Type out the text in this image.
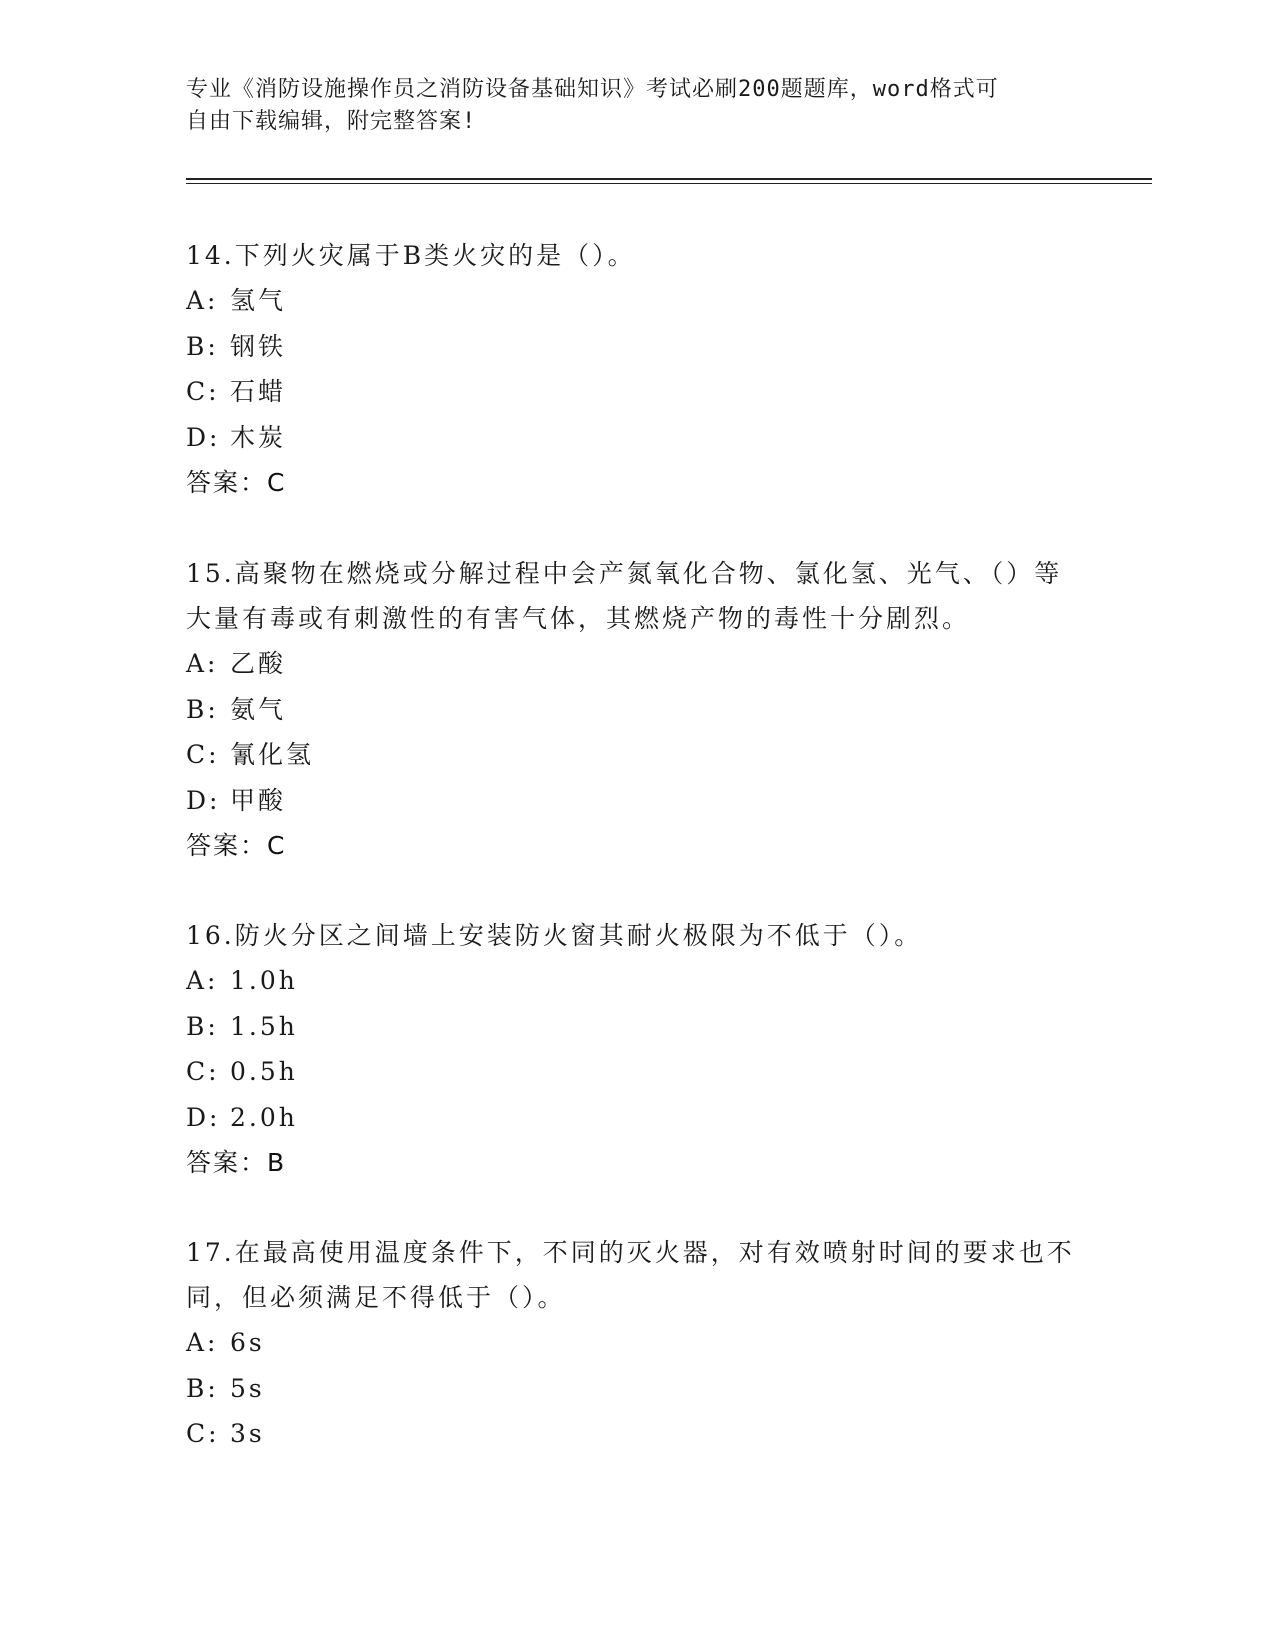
专业《消防设施操作员之消防设备基础知识》考试必刷200题题库，word格式可
自由下载编辑，附完整答案!

14.下列火灾属于B类火灾的是（）。

A: 氢气

B: 钢铁

C: 石蜡

D: 木炭

答案：C

15.高聚物在燃烧或分解过程中会产氮氧化合物、氯化氢、光气、（）等大量有毒或有刺激性的有害气体，其燃烧产物的毒性十分剧烈。

A: 乙酸

B: 氨气

C: 氰化氢

D: 甲酸

答案：C

16.防火分区之间墙上安装防火窗其耐火极限为不低于（）。

A: 1.0h

B: 1.5h

C: 0.5h

D: 2.0h

答案：B

17.在最高使用温度条件下，不同的灭火器，对有效喷射时间的要求也不同，但必须满足不得低于（）。

A: 6s

B: 5s

C: 3s
